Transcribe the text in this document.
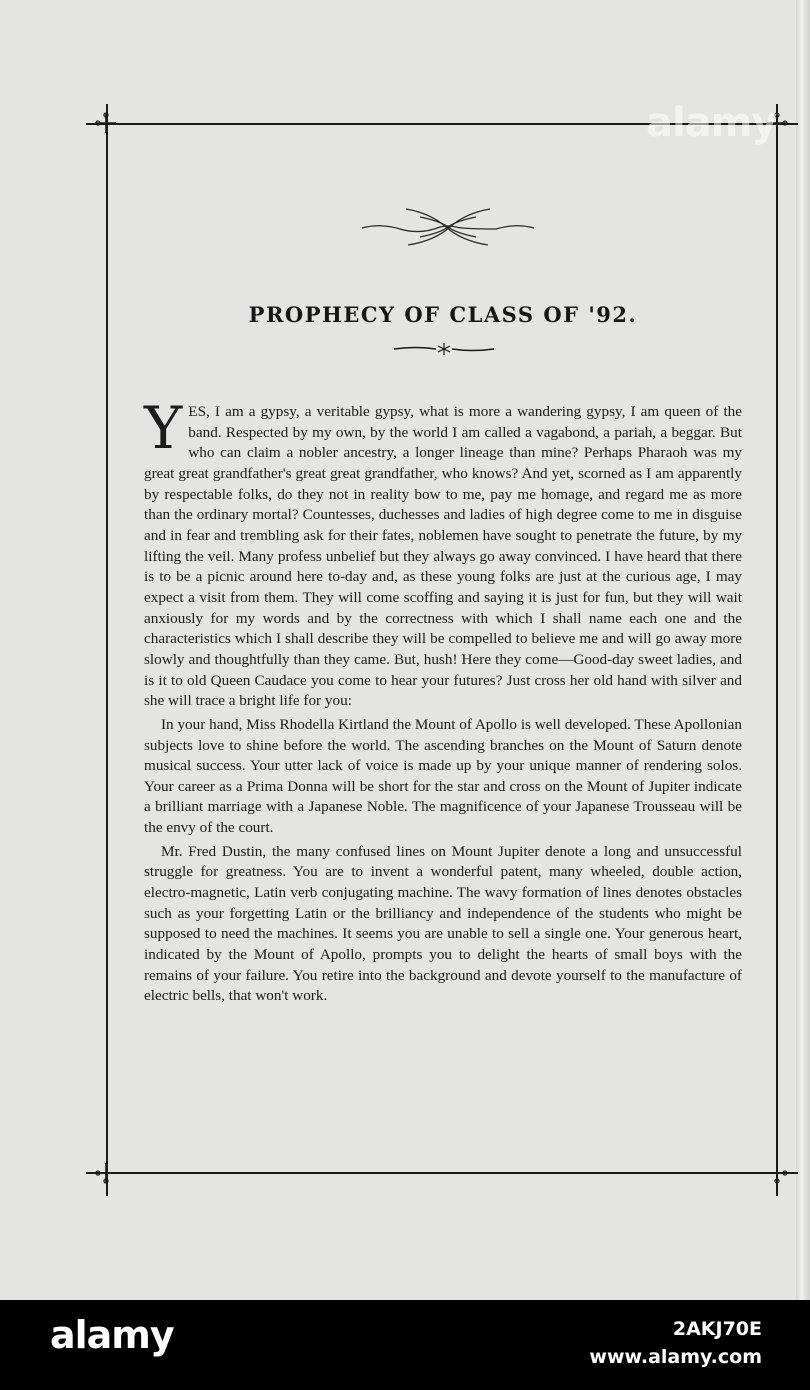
PROPHECY OF CLASS OF '92.

YES, I am a gypsy, a veritable gypsy, what is more a wandering gypsy, I am queen of the band. Respected by my own, by the world I am called a vagabond, a pariah, a beggar. But who can claim a nobler ancestry, a longer lineage than mine? Perhaps Pharaoh was my great great grandfather's great great grandfather, who knows? And yet, scorned as I am apparently by respectable folks, do they not in reality bow to me, pay me homage, and regard me as more than the ordinary mortal? Countesses, duchesses and ladies of high degree come to me in disguise and in fear and trembling ask for their fates, noblemen have sought to penetrate the future, by my lifting the veil. Many profess unbelief but they always go away convinced. I have heard that there is to be a picnic around here to-day and, as these young folks are just at the curious age, I may expect a visit from them. They will come scoffing and saying it is just for fun, but they will wait anxiously for my words and by the correctness with which I shall name each one and the characteristics which I shall describe they will be compelled to believe me and will go away more slowly and thoughtfully than they came. But, hush! Here they come—Good-day sweet ladies, and is it to old Queen Caudace you come to hear your futures? Just cross her old hand with silver and she will trace a bright life for you:

In your hand, Miss Rhodella Kirtland the Mount of Apollo is well developed. These Apollonian subjects love to shine before the world. The ascending branches on the Mount of Saturn denote musical success. Your utter lack of voice is made up by your unique manner of rendering solos. Your career as a Prima Donna will be short for the star and cross on the Mount of Jupiter indicate a brilliant marriage with a Japanese Noble. The magnificence of your Japanese Trousseau will be the envy of the court.

Mr. Fred Dustin, the many confused lines on Mount Jupiter denote a long and unsuccessful struggle for greatness. You are to invent a wonderful patent, many wheeled, double action, electro-magnetic, Latin verb conjugating machine. The wavy formation of lines denotes obstacles such as your forgetting Latin or the brilliancy and independence of the students who might be supposed to need the machines. It seems you are unable to sell a single one. Your generous heart, indicated by the Mount of Apollo, prompts you to delight the hearts of small boys with the remains of your failure. You retire into the background and devote yourself to the manufacture of electric bells, that won't work.

alamy
alamy	2AKJ70E
www.alamy.com
